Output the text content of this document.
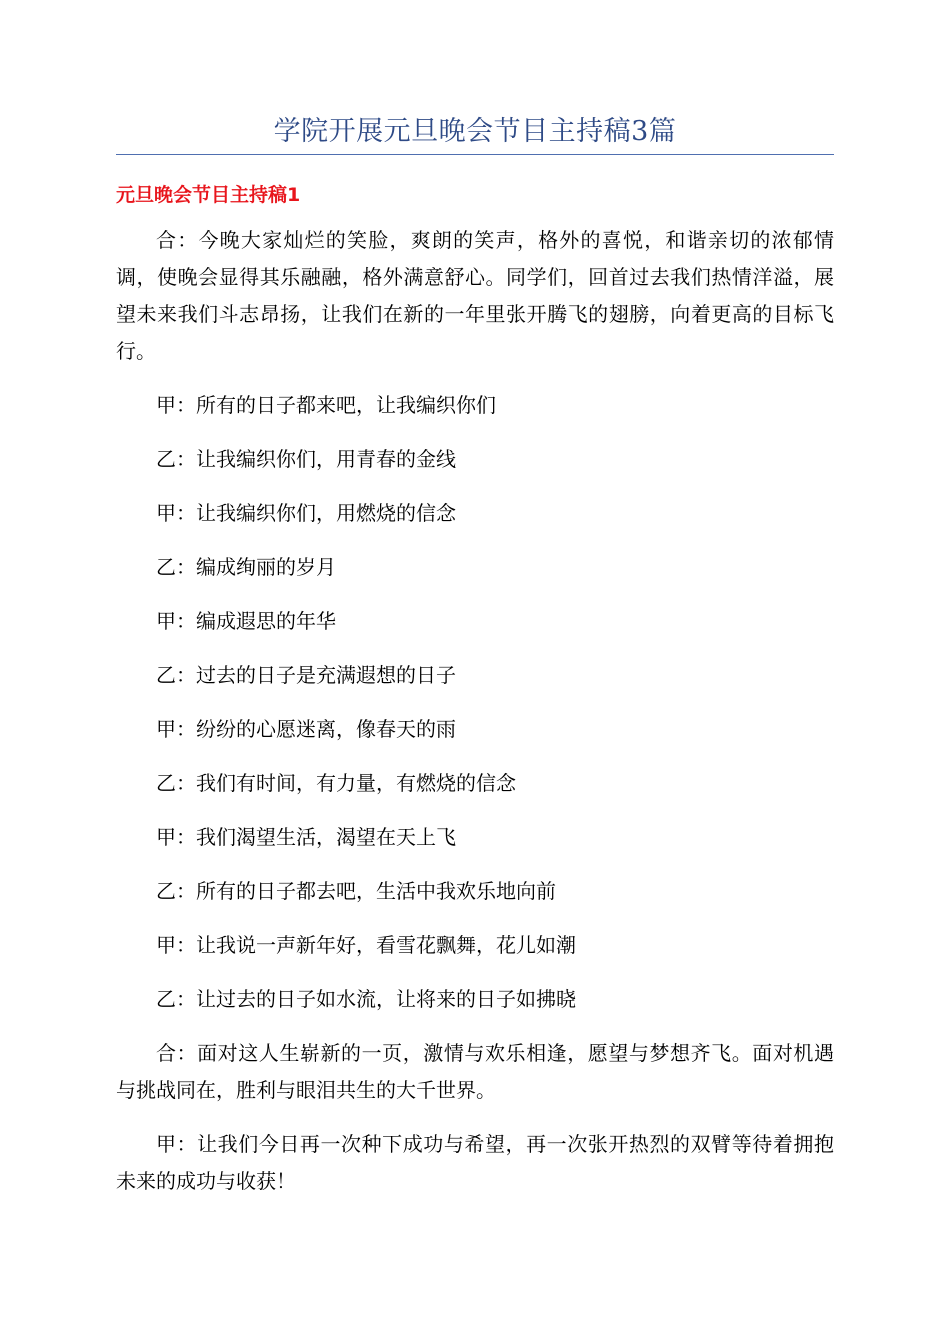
学院开展元旦晚会节目主持稿3篇
元旦晚会节目主持稿1

合：今晚大家灿烂的笑脸，爽朗的笑声，格外的喜悦，和谐亲切的浓郁情调，使晚会显得其乐融融，格外满意舒心。同学们，回首过去我们热情洋溢，展望未来我们斗志昂扬，让我们在新的一年里张开腾飞的翅膀，向着更高的目标飞行。

甲：所有的日子都来吧，让我编织你们

乙：让我编织你们，用青春的金线

甲：让我编织你们，用燃烧的信念

乙：编成绚丽的岁月

甲：编成遐思的年华

乙：过去的日子是充满遐想的日子

甲：纷纷的心愿迷离，像春天的雨

乙：我们有时间，有力量，有燃烧的信念

甲：我们渴望生活，渴望在天上飞

乙：所有的日子都去吧，生活中我欢乐地向前

甲：让我说一声新年好，看雪花飘舞，花儿如潮

乙：让过去的日子如水流，让将来的日子如拂晓

合：面对这人生崭新的一页，激情与欢乐相逢，愿望与梦想齐飞。面对机遇与挑战同在，胜利与眼泪共生的大千世界。

甲：让我们今日再一次种下成功与希望，再一次张开热烈的双臂等待着拥抱未来的成功与收获！
